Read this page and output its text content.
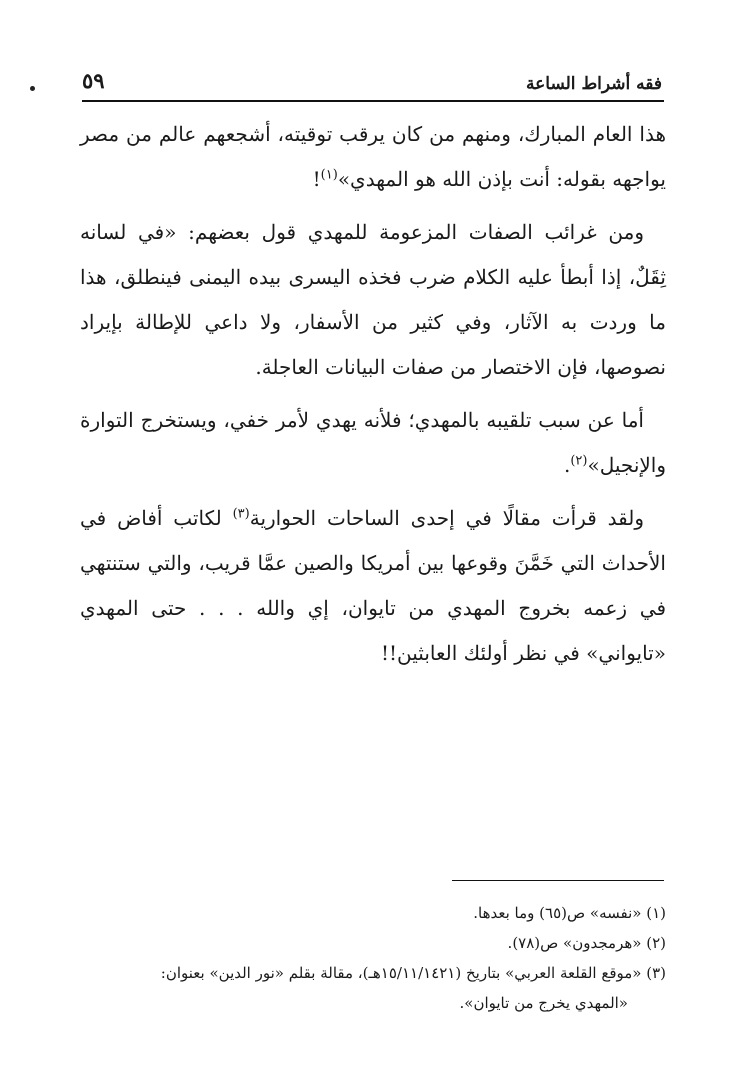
فقه أشراط الساعة
٥٩

هذا العام المبارك، ومنهم من كان يرقب توقيته، أشجعهم عالم من مصر يواجهه بقوله: أنت بإذن الله هو المهدي»$^{(١)}$!

ومن غرائب الصفات المزعومة للمهدي قول بعضهم: «في لسانه ثِقَلٌ، إذا أبطأ عليه الكلام ضرب فخذه اليسرى بيده اليمنى فينطلق، هذا ما وردت به الآثار، وفي كثير من الأسفار، ولا داعي للإطالة بإيراد نصوصها، فإن الاختصار من صفات البيانات العاجلة.

أما عن سبب تلقيبه بالمهدي؛ فلأنه يهدي لأمر خفي، ويستخرج التوارة والإنجيل»$^{(٢)}$.

ولقد قرأت مقالًا في إحدى الساحات الحوارية$^{(٣)}$ لكاتب أفاض في الأحداث التي خَمَّنَ وقوعها بين أمريكا والصين عمَّا قريب، والتي ستنتهي في زعمه بخروج المهدي من تايوان، إي والله . . . حتى المهدي «تايواني» في نظر أولئك العابثين!!

(١) «نفسه» ص(٦٥) وما بعدها.

(٢) «هرمجدون» ص(٧٨).

(٣) «موقع القلعة العربي» بتاريخ (١٥/١١/١٤٢١هـ)، مقالة بقلم «نور الدين» بعنوان:

«المهدي يخرج من تايوان».
